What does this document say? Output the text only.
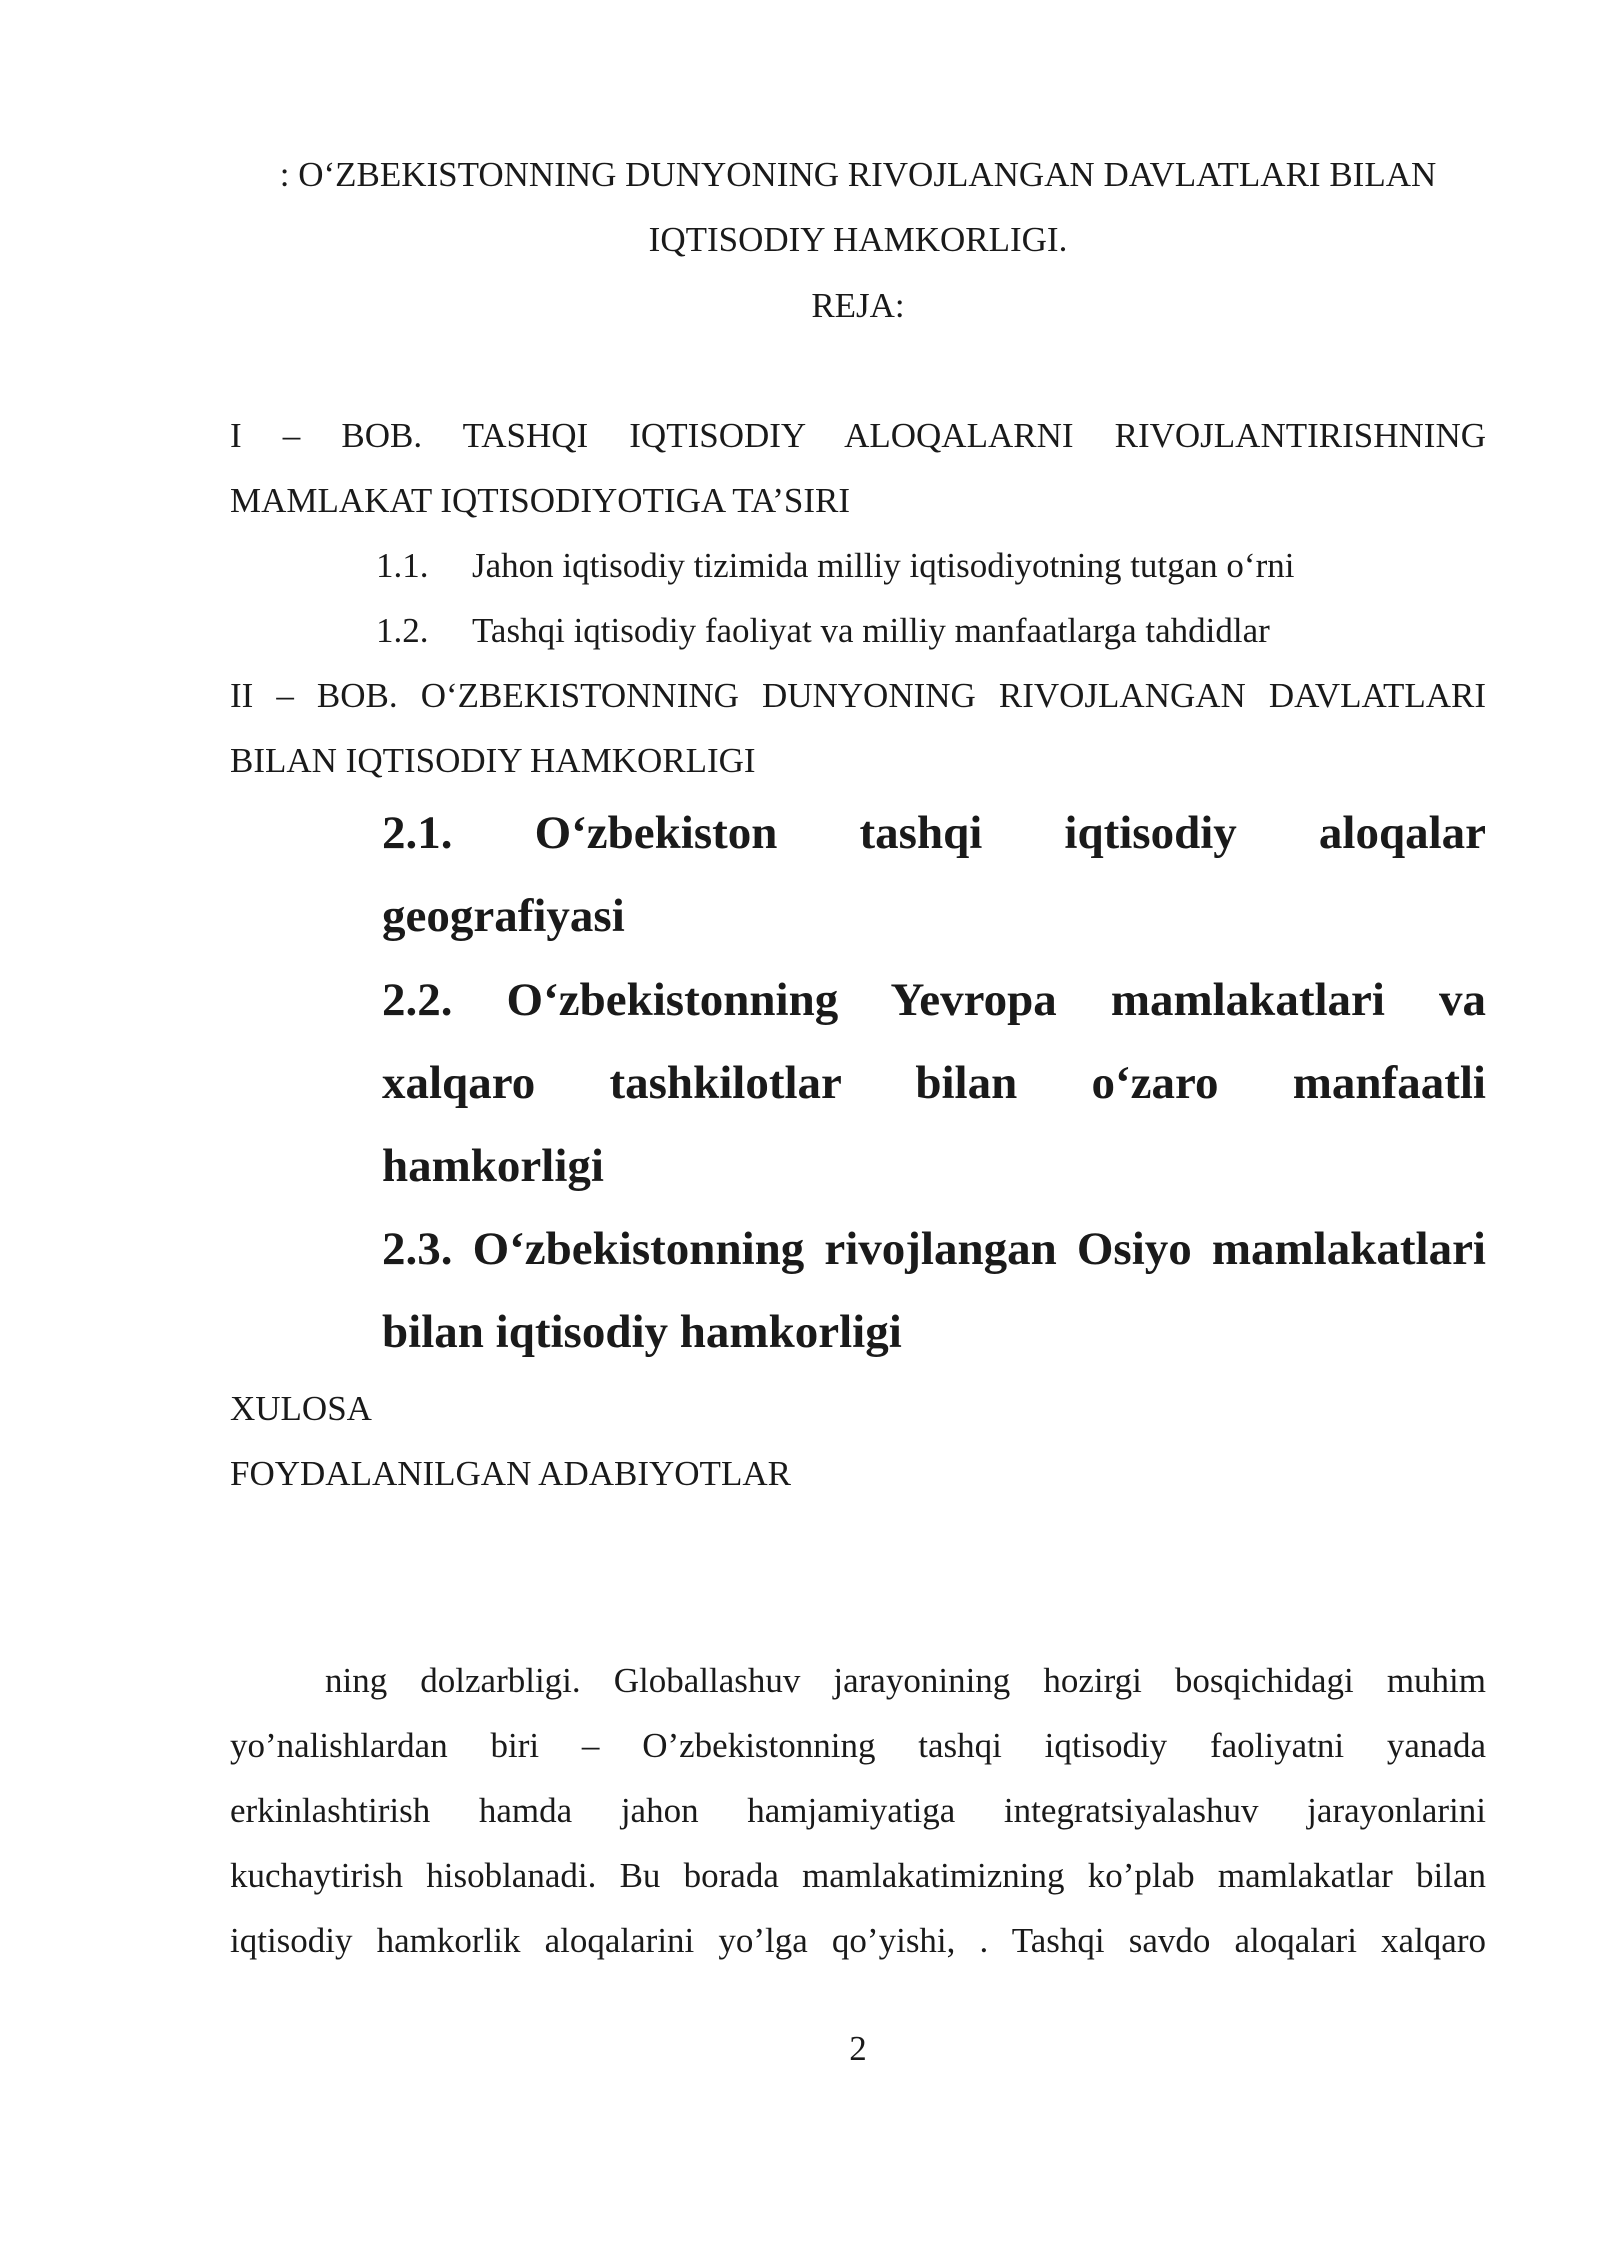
: O‘ZBEKISTONNING DUNYONING RIVOJLANGAN DAVLATLARI BILAN
IQTISODIY HAMKORLIGI.
REJA:
I – BOB. TASHQI IQTISODIY ALOQALARNI RIVOJLANTIRISHNING
MAMLAKAT IQTISODIYOTIGA TA’SIRI
1.1. Jahon iqtisodiy tizimida milliy iqtisodiyotning tutgan o‘rni
1.2. Tashqi iqtisodiy faoliyat va milliy manfaatlarga tahdidlar
II – BOB. O‘ZBEKISTONNING DUNYONING RIVOJLANGAN DAVLATLARI
BILAN IQTISODIY HAMKORLIGI
2.1. O‘zbekiston tashqi iqtisodiy aloqalar
geografiyasi
2.2. O‘zbekistonning Yevropa mamlakatlari va
xalqaro tashkilotlar bilan o‘zaro manfaatli
hamkorligi
2.3. O‘zbekistonning rivojlangan Osiyo mamlakatlari
bilan iqtisodiy hamkorligi
XULOSA
FOYDALANILGAN ADABIYOTLAR
ning dolzarbligi. Globallashuv jarayonining hozirgi bosqichidagi muhim
yo’nalishlardan biri – O’zbekistonning tashqi iqtisodiy faoliyatni yanada
erkinlashtirish hamda jahon hamjamiyatiga integratsiyalashuv jarayonlarini
kuchaytirish hisoblanadi. Bu borada mamlakatimizning ko’plab mamlakatlar bilan
iqtisodiy hamkorlik aloqalarini yo’lga qo’yishi, . Tashqi savdo aloqalari xalqaro
2
